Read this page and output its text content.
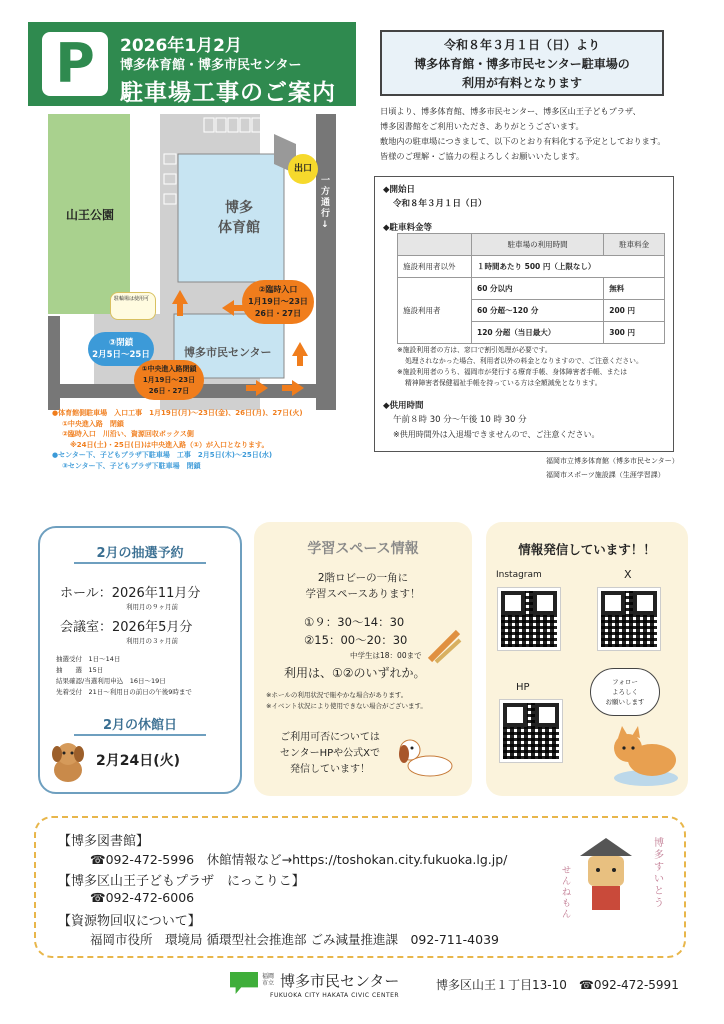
P	2026年1月2月
博多体育館・博多市民センター
駐車場工事のご案内
令和８年３月１日（日）より
博多体育館・博多市民センター駐車場の
利用が有料となります
日頃より、博多体育館、博多市民センター、博多区山王子どもプラザ、
博多図書館をご利用いただき、ありがとうございます。
敷地内の駐車場につきまして、以下のとおり有料化する予定としております。
皆様のご理解・ご協力の程よろしくお願いいたします。
◆開始日
令和８年３月１日（日）
◆駐車料金等
	駐車場の利用時間	駐車料金
施設利用者以外	１時間あたり 500 円（上限なし）	
施設利用者	60 分以内	無料
	60 分超～120 分	200 円
	120 分超（当日最大）	300 円
※施設利用者の方は、窓口で割引処理が必要です。
処理されなかった場合、利用者以外の料金となりますので、ご注意ください。
※施設利用者のうち、福岡市が発行する療育手帳、身体障害者手帳、または
精神障害者保健福祉手帳を持っている方は全額減免となります。
◆供用時間
午前８時 30 分～午後 10 時 30 分
※供用時間外は入退場できませんので、ご注意ください。
福岡市立博多体育館（博多市民センター）
福岡市スポーツ施設課（生涯学習課）
山王公園	博多
体育館
博多市民センター
出口
一方通行↓
②臨時入口
1月19日～23日
26日・27日
③閉鎖
2月5日～25日
①中央進入路閉鎖
1月19日～23日
26日・27日
駐輪場は使用可
●体育館側駐車場　入口工事　1月19日(月)～23日(金)、26日(月)、27日(火)
①中央進入路　閉鎖
②臨時入口　川沿い、資源回収ボックス側
※24日(土)・25日(日)は中央進入路（①）が入口となります。
●センター下、子どもプラザ下駐車場　工事　2月5日(木)～25日(水)
③センター下、子どもプラザ下駐車場　閉鎖
2月の抽選予約
ホール：2026年11月分
利用月の９ヶ月前
会議室：2026年5月分
利用月の３ヶ月前
抽選受付　1日～14日
抽　　選　15日
結果確認/当選利用申込　16日～19日
先着受付　21日～利用日の前日の午後9時まで
2月の休館日
2月24日(火)
学習スペース情報
2階ロビーの一角に
学習スペースあります！
①９：30～14：30
②15：00～20：30
中学生は18：00まで
利用は、①②のいずれか。
※ホールの利用状況で賑やかな場合があります。
※イベント状況により使用できない場合がございます。
ご利用可否については
センターHPや公式Xで
発信しています！
情報発信しています！！
Instagram	X
HP	フォロー
よろしく
お願いします
【博多図書館】
☎092-472-5996　休館情報など→https://toshokan.city.fukuoka.lg.jp/
【博多区山王子どもプラザ　にっこりこ】
☎092-472-6006
【資源物回収について】
福岡市役所　環境局 循環型社会推進部 ごみ減量推進課　092-711-4039
博多すいとう
せんねもん
福岡
市立 博多市民センター
FUKUOKA CITY HAKATA CIVIC CENTER
博多区山王１丁目13-10　☎092-472-5991
